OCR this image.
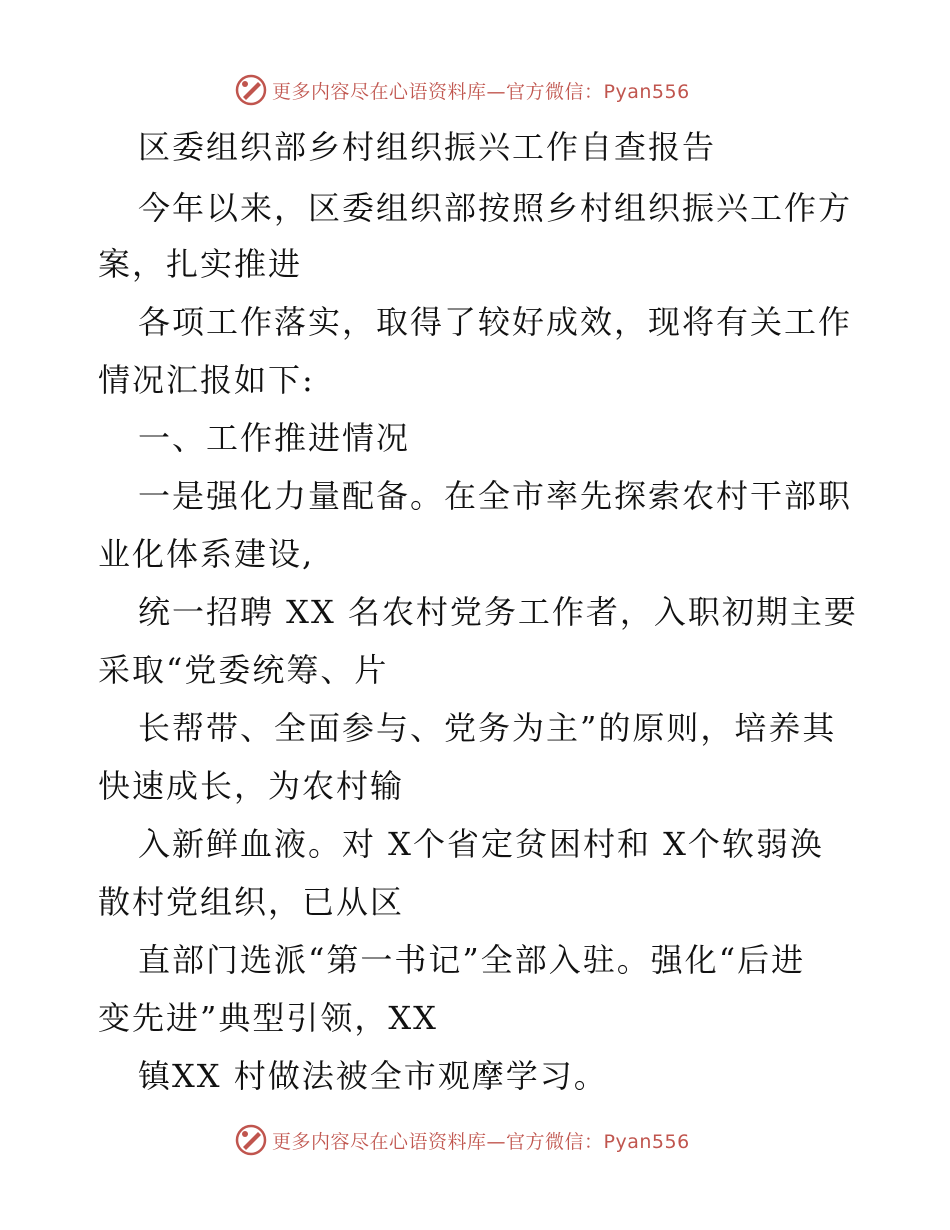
更多内容尽在心语资料库—官方微信：Pyan556
区委组织部乡村组织振兴工作自查报告
今年以来，区委组织部按照乡村组织振兴工作方
案，扎实推进
各项工作落实，取得了较好成效，现将有关工作
情况汇报如下:
一、工作推进情况
一是强化力量配备。在全市率先探索农村干部职
业化体系建设,
统一招聘 XX 名农村党务工作者，入职初期主要
采取“党委统筹、片
长帮带、全面参与、党务为主”的原则，培养其
快速成长，为农村输
入新鲜血液。对 X个省定贫困村和 X个软弱涣
散村党组织，已从区
直部门选派“第一书记”全部入驻。强化“后进
变先进”典型引领，XX
镇XX 村做法被全市观摩学习。
更多内容尽在心语资料库—官方微信：Pyan556
